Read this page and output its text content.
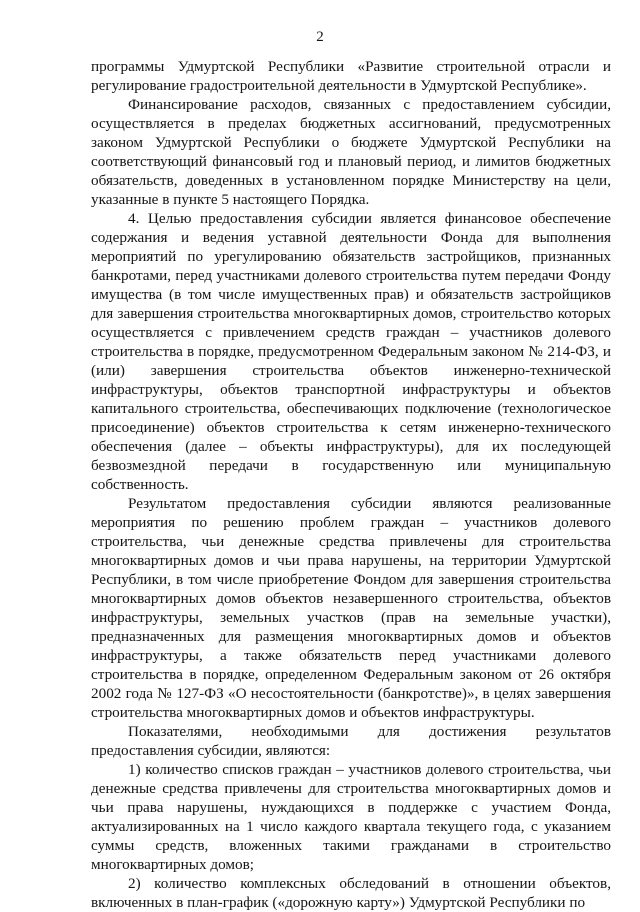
2

программы Удмуртской Республики «Развитие строительной отрасли и регулирование градостроительной деятельности в Удмуртской Республике».

Финансирование расходов, связанных с предоставлением субсидии, осуществляется в пределах бюджетных ассигнований, предусмотренных законом Удмуртской Республики о бюджете Удмуртской Республики на соответствующий финансовый год и плановый период, и лимитов бюджетных обязательств, доведенных в установленном порядке Министерству на цели, указанные в пункте 5 настоящего Порядка.

4. Целью предоставления субсидии является финансовое обеспечение содержания и ведения уставной деятельности Фонда для выполнения мероприятий по урегулированию обязательств застройщиков, признанных банкротами, перед участниками долевого строительства путем передачи Фонду имущества (в том числе имущественных прав) и обязательств застройщиков для завершения строительства многоквартирных домов, строительство которых осуществляется с привлечением средств граждан – участников долевого строительства в порядке, предусмотренном Федеральным законом № 214-ФЗ, и (или) завершения строительства объектов инженерно-технической инфраструктуры, объектов транспортной инфраструктуры и объектов капитального строительства, обеспечивающих подключение (технологическое присоединение) объектов строительства к сетям инженерно-технического обеспечения (далее – объекты инфраструктуры), для их последующей безвозмездной передачи в государственную или муниципальную собственность.

Результатом предоставления субсидии являются реализованные мероприятия по решению проблем граждан – участников долевого строительства, чьи денежные средства привлечены для строительства многоквартирных домов и чьи права нарушены, на территории Удмуртской Республики, в том числе приобретение Фондом для завершения строительства многоквартирных домов объектов незавершенного строительства, объектов инфраструктуры, земельных участков (прав на земельные участки), предназначенных для размещения многоквартирных домов и объектов инфраструктуры, а также обязательств перед участниками долевого строительства в порядке, определенном Федеральным законом от 26 октября 2002 года № 127-ФЗ «О несостоятельности (банкротстве)», в целях завершения строительства многоквартирных домов и объектов инфраструктуры.

Показателями, необходимыми для достижения результатов предоставления субсидии, являются:

1) количество списков граждан – участников долевого строительства, чьи денежные средства привлечены для строительства многоквартирных домов и чьи права нарушены, нуждающихся в поддержке с участием Фонда, актуализированных на 1 число каждого квартала текущего года, с указанием суммы средств, вложенных такими гражданами в строительство многоквартирных домов;

2) количество комплексных обследований в отношении объектов, включенных в план-график («дорожную карту») Удмуртской Республики по
